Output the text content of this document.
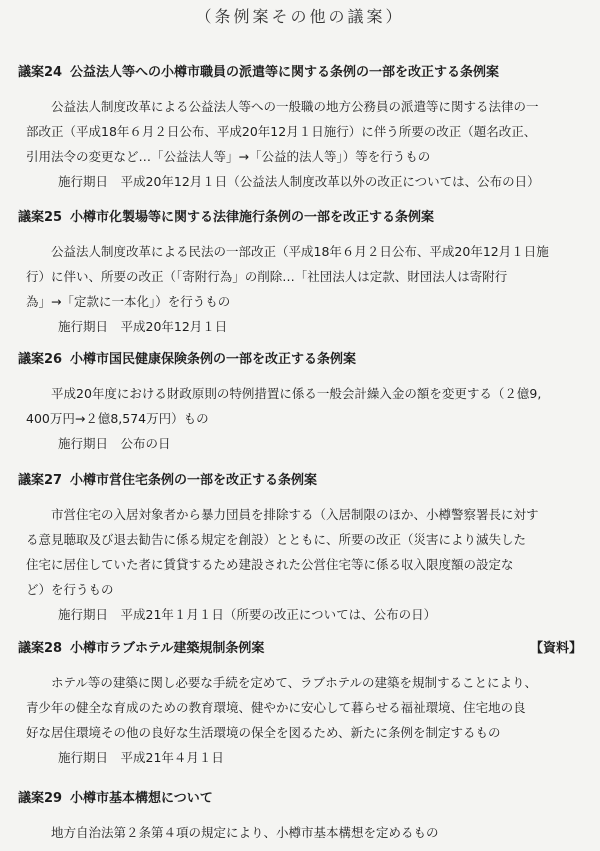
（条例案その他の議案）
議案24 公益法人等への小樽市職員の派遣等に関する条例の一部を改正する条例案

公益法人制度改革による公益法人等への一般職の地方公務員の派遣等に関する法律の一

部改正（平成18年６月２日公布、平成20年12月１日施行）に伴う所要の改正（題名改正、

引用法令の変更など…「公益法人等」→「公益的法人等」）等を行うもの

施行期日　平成20年12月１日（公益法人制度改革以外の改正については、公布の日）

議案25 小樽市化製場等に関する法律施行条例の一部を改正する条例案

公益法人制度改革による民法の一部改正（平成18年６月２日公布、平成20年12月１日施

行）に伴い、所要の改正（「寄附行為」の削除…「社団法人は定款、財団法人は寄附行

為」→「定款に一本化」）を行うもの

施行期日　平成20年12月１日

議案26 小樽市国民健康保険条例の一部を改正する条例案

平成20年度における財政原則の特例措置に係る一般会計繰入金の額を変更する（２億9,

400万円→２億8,574万円）もの

施行期日　公布の日

議案27 小樽市営住宅条例の一部を改正する条例案

市営住宅の入居対象者から暴力団員を排除する（入居制限のほか、小樽警察署長に対す

る意見聴取及び退去勧告に係る規定を創設）とともに、所要の改正（災害により滅失した

住宅に居住していた者に賃貸するため建設された公営住宅等に係る収入限度額の設定な

ど）を行うもの

施行期日　平成21年１月１日（所要の改正については、公布の日）

議案28 小樽市ラブホテル建築規制条例案	【資料】

ホテル等の建築に関し必要な手続を定めて、ラブホテルの建築を規制することにより、

青少年の健全な育成のための教育環境、健やかに安心して暮らせる福祉環境、住宅地の良

好な居住環境その他の良好な生活環境の保全を図るため、新たに条例を制定するもの

施行期日　平成21年４月１日

議案29 小樽市基本構想について

地方自治法第２条第４項の規定により、小樽市基本構想を定めるもの
